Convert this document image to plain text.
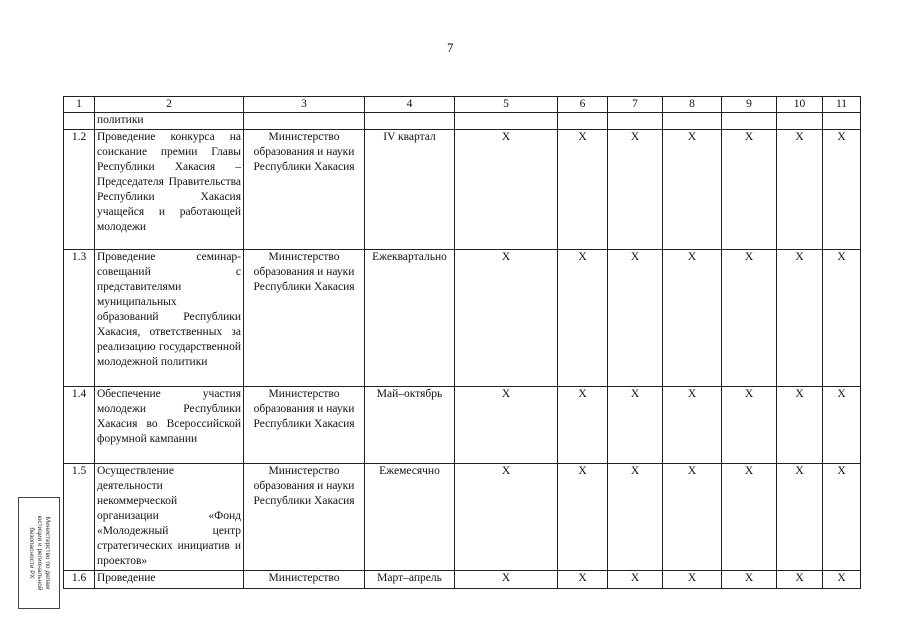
7
1	2	3	4	5	6	7	8	9	10	11
	политики									
1.2	Проведение конкурса на соискание премии Главы Республики Хакасия – Председателя Правительства Республики Хакасия учащейся и работающей молодежи	Министерство образования и науки Республики Хакасия	IV квартал	X	X	X	X	X	X	X
1.3	Проведение семинар-совещаний с представителями муниципальных образований Республики Хакасия, ответственных за реализацию государственной молодежной политики	Министерство образования и науки Республики Хакасия	Ежеквартально	X	X	X	X	X	X	X
1.4	Обеспечение участия молодежи Республики Хакасия во Всероссийской форумной кампании	Министерство образования и науки Республики Хакасия	Май–октябрь	X	X	X	X	X	X	X
1.5	Осуществление деятельности некоммерческой организации «Фонд «Молодежный центр стратегических инициатив и проектов»	Министерство образования и науки Республики Хакасия	Ежемесячно	X	X	X	X	X	X	X
1.6	Проведение	Министерство	Март–апрель	X	X	X	X	X	X	X
Министерство по делам
юстиции и региональной
безопасности РХ
